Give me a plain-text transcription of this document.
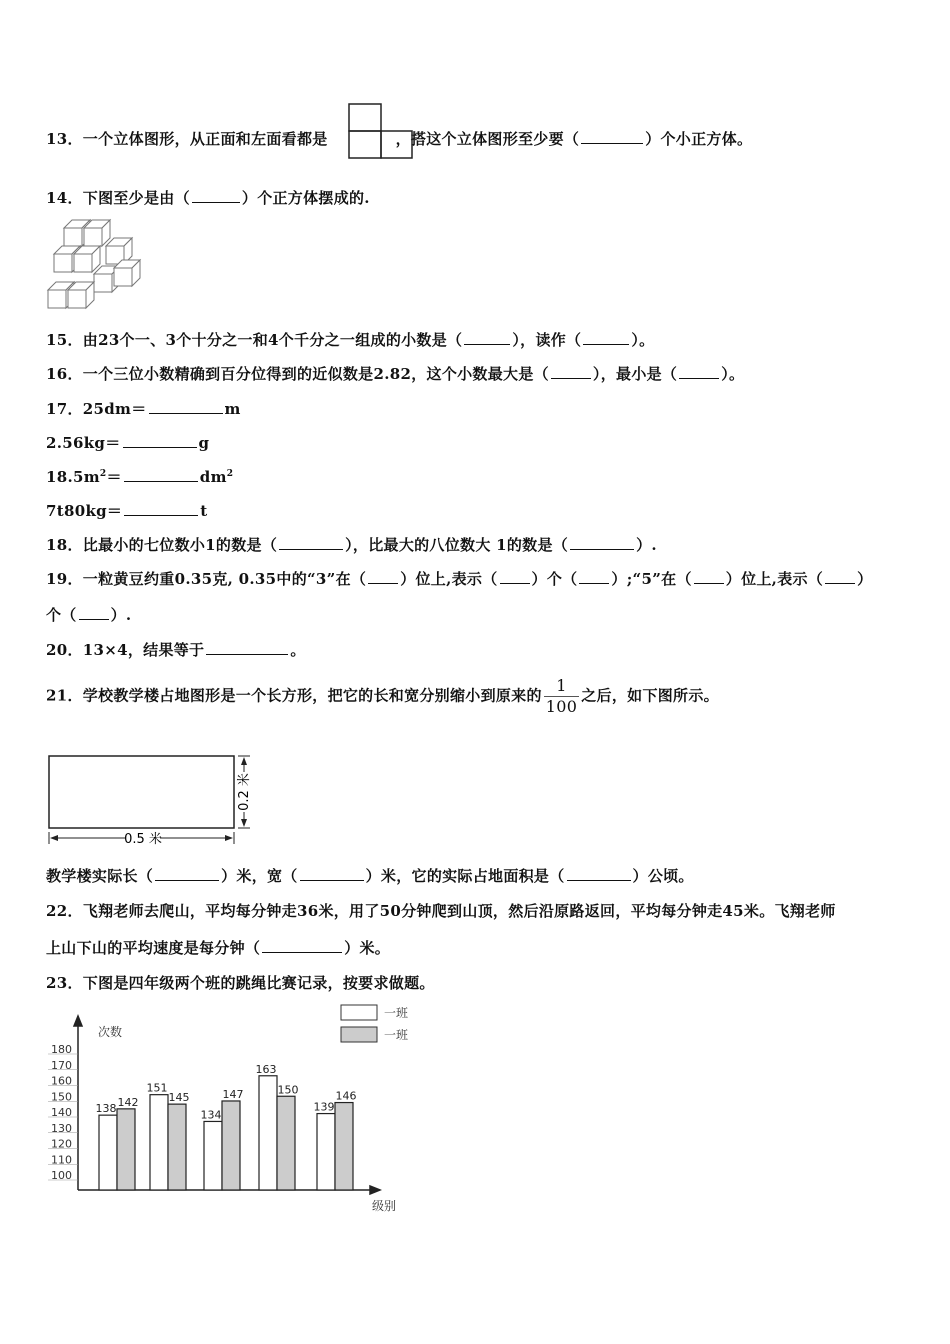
13．一个立体图形，从正面和左面看都是	，搭这个立体图形至少要（	）个小正方体。
14．下图至少是由（	）个正方体摆成的.
15．由23个一、3个十分之一和4个千分之一组成的小数是（	），读作（	）。
16．一个三位小数精确到百分位得到的近似数是2.82，这个小数最大是（	），最小是（	）。
17．25dm＝	m
2.56kg＝	g
$18.5m^2=$	$dm^2$
7t80kg＝	t
18．比最小的七位数小1的数是（	），比最大的八位数大 1的数是（	）.
19．一粒黄豆约重0.35克, 0.35中的“3”在（ ）位上,表示（ ）个（ ）;“5”在（ ）位上,表示（ ）
个（ ）.
20．13×4，结果等于	。
21．学校教学楼占地图形是一个长方形，把它的长和宽分别缩小到原来的 $\frac{1}{100}$ 之后，如下图所示。
0.5 米
0.2 米
教学楼实际长（	）米，宽（	）米，它的实际占地面积是（	）公顷。
22．飞翔老师去爬山，平均每分钟走36米，用了50分钟爬到山顶，然后沿原路返回，平均每分钟走45米。飞翔老师
上山下山的平均速度是每分钟（	）米。
23．下图是四年级两个班的跳绳比赛记录，按要求做题。
次数
级别
一班
一班
180
170
160
150
140
130
120
110
100
138
151
134
163
139
142	145	147	150	146
